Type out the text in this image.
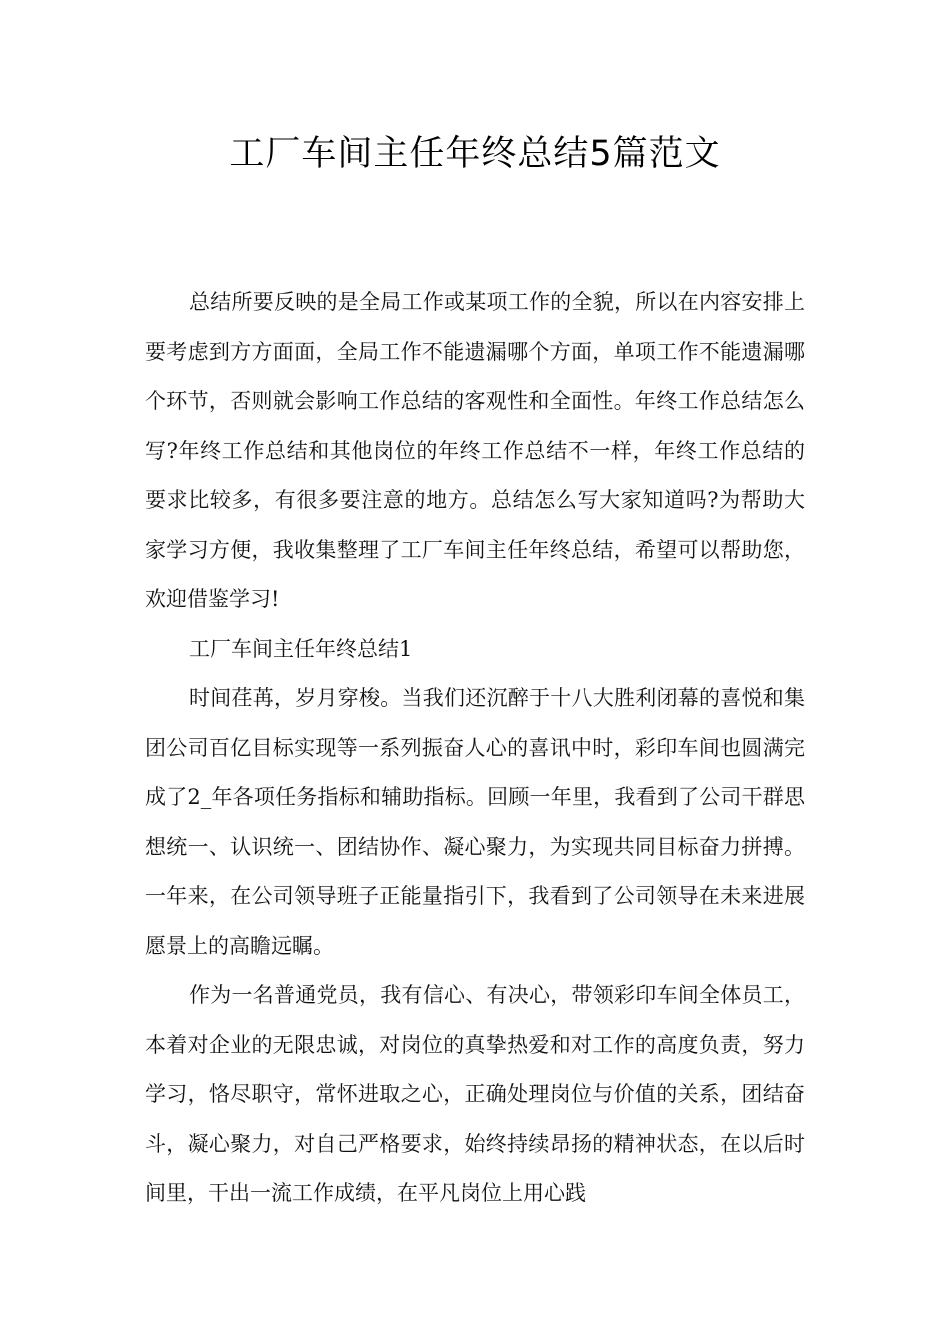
工厂车间主任年终总结5篇范文

总结所要反映的是全局工作或某项工作的全貌，所以在内容安排上要考虑到方方面面，全局工作不能遗漏哪个方面，单项工作不能遗漏哪个环节，否则就会影响工作总结的客观性和全面性。年终工作总结怎么写?年终工作总结和其他岗位的年终工作总结不一样，年终工作总结的要求比较多，有很多要注意的地方。总结怎么写大家知道吗?为帮助大家学习方便，我收集整理了工厂车间主任年终总结，希望可以帮助您，欢迎借鉴学习!

工厂车间主任年终总结1

时间荏苒，岁月穿梭。当我们还沉醉于十八大胜利闭幕的喜悦和集团公司百亿目标实现等一系列振奋人心的喜讯中时，彩印车间也圆满完成了2_年各项任务指标和辅助指标。回顾一年里，我看到了公司干群思想统一、认识统一、团结协作、凝心聚力，为实现共同目标奋力拼搏。一年来，在公司领导班子正能量指引下，我看到了公司领导在未来进展愿景上的高瞻远瞩。

作为一名普通党员，我有信心、有决心，带领彩印车间全体员工，本着对企业的无限忠诚，对岗位的真挚热爱和对工作的高度负责，努力学习，恪尽职守，常怀进取之心，正确处理岗位与价值的关系，团结奋斗，凝心聚力，对自己严格要求，始终持续昂扬的精神状态，在以后时间里，干出一流工作成绩，在平凡岗位上用心践
